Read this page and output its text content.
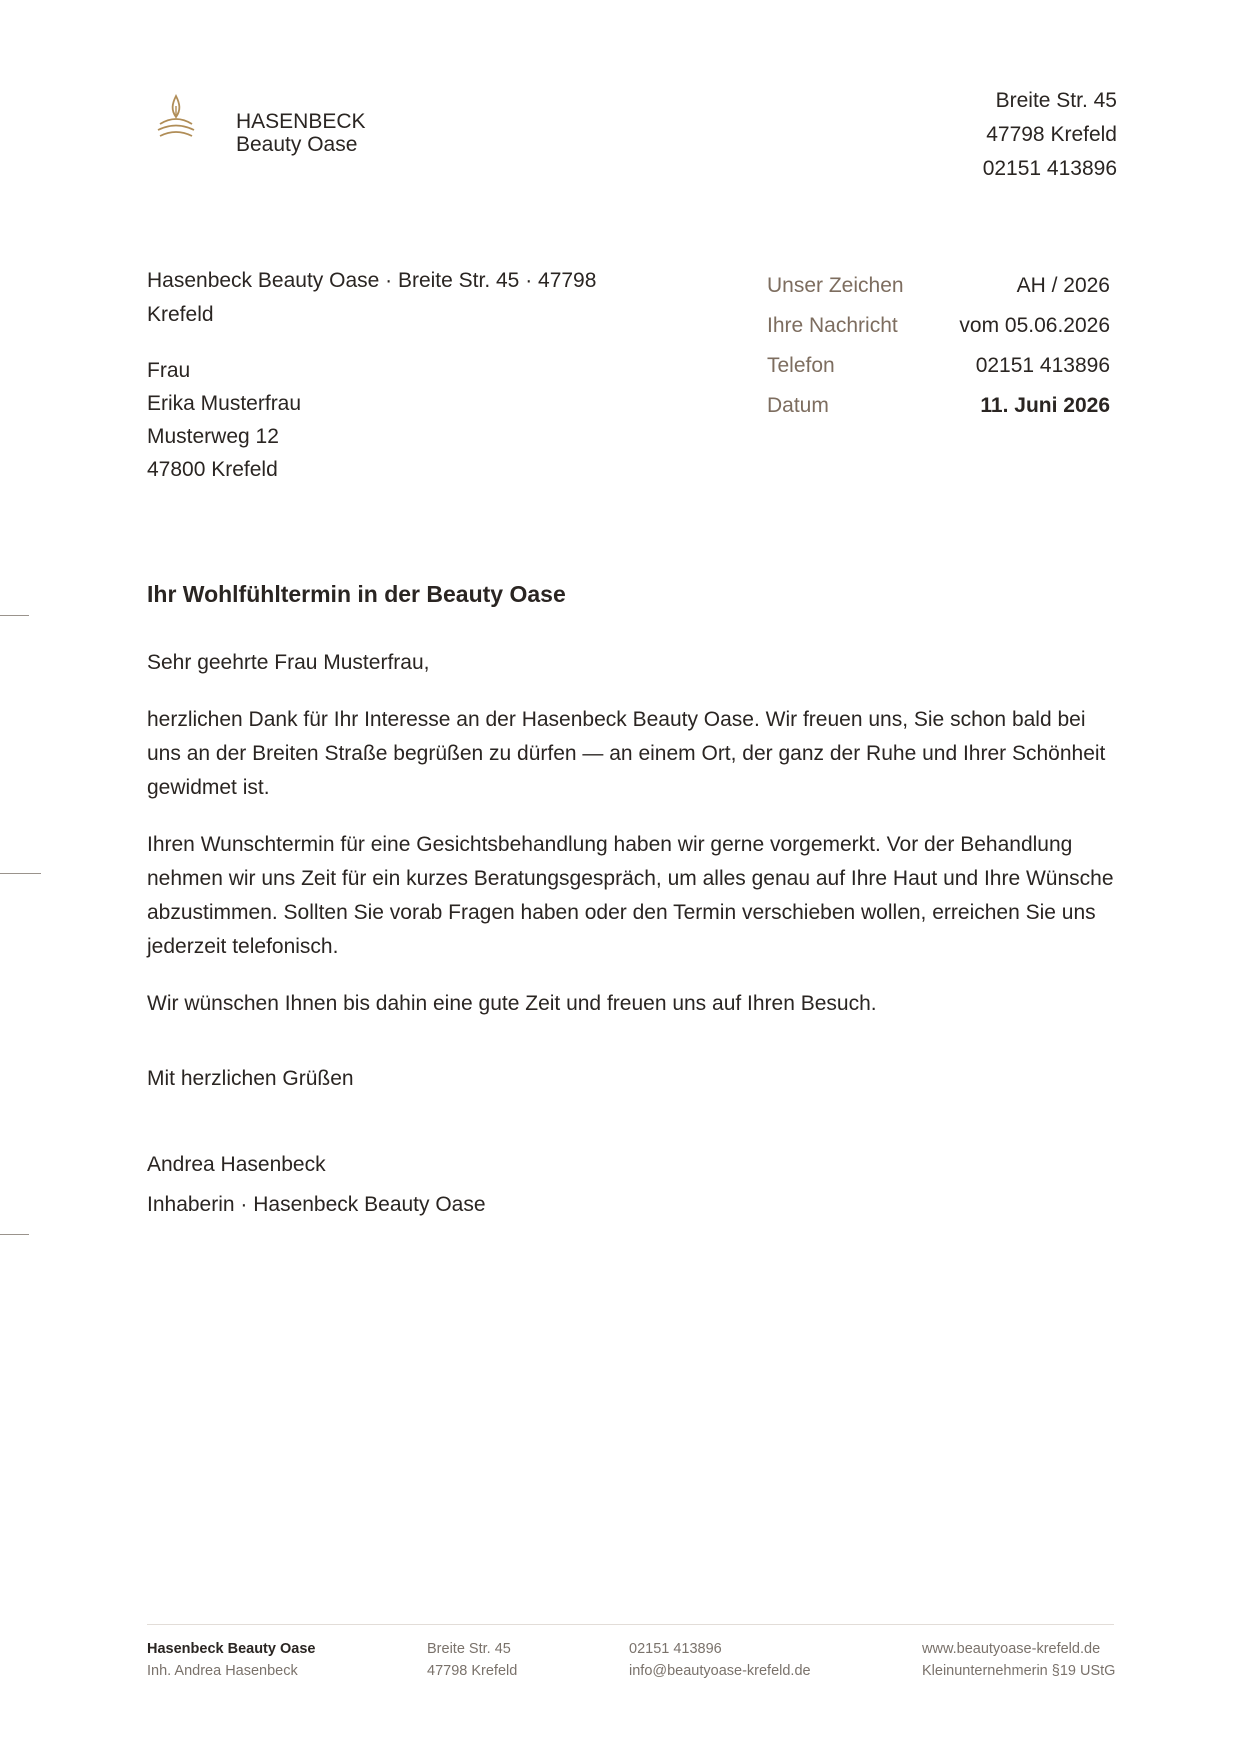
HASENBECK
Beauty Oase
Breite Str. 45
47798 Krefeld
02151 413896
Hasenbeck Beauty Oase · Breite Str. 45 · 47798 Krefeld
Frau
Erika Musterfrau
Musterweg 12
47800 Krefeld
Unser Zeichen	AH / 2026
Ihre Nachricht	vom 05.06.2026
Telefon	02151 413896
Datum	11. Juni 2026
Ihr Wohlfühltermin in der Beauty Oase

Sehr geehrte Frau Musterfrau,

herzlichen Dank für Ihr Interesse an der Hasenbeck Beauty Oase. Wir freuen uns, Sie schon bald bei uns an der Breiten Straße begrüßen zu dürfen — an einem Ort, der ganz der Ruhe und Ihrer Schönheit gewidmet ist.

Ihren Wunschtermin für eine Gesichtsbehandlung haben wir gerne vorgemerkt. Vor der Behandlung nehmen wir uns Zeit für ein kurzes Beratungsgespräch, um alles genau auf Ihre Haut und Ihre Wünsche abzustimmen. Sollten Sie vorab Fragen haben oder den Termin verschieben wollen, erreichen Sie uns jederzeit telefonisch.

Wir wünschen Ihnen bis dahin eine gute Zeit und freuen uns auf Ihren Besuch.

Mit herzlichen Grüßen
Andrea Hasenbeck
Inhaberin · Hasenbeck Beauty Oase
Hasenbeck Beauty Oase
Inh. Andrea Hasenbeck
Breite Str. 45
47798 Krefeld
02151 413896
info@beautyoase-krefeld.de
www.beautyoase-krefeld.de
Kleinunternehmerin §19 UStG
